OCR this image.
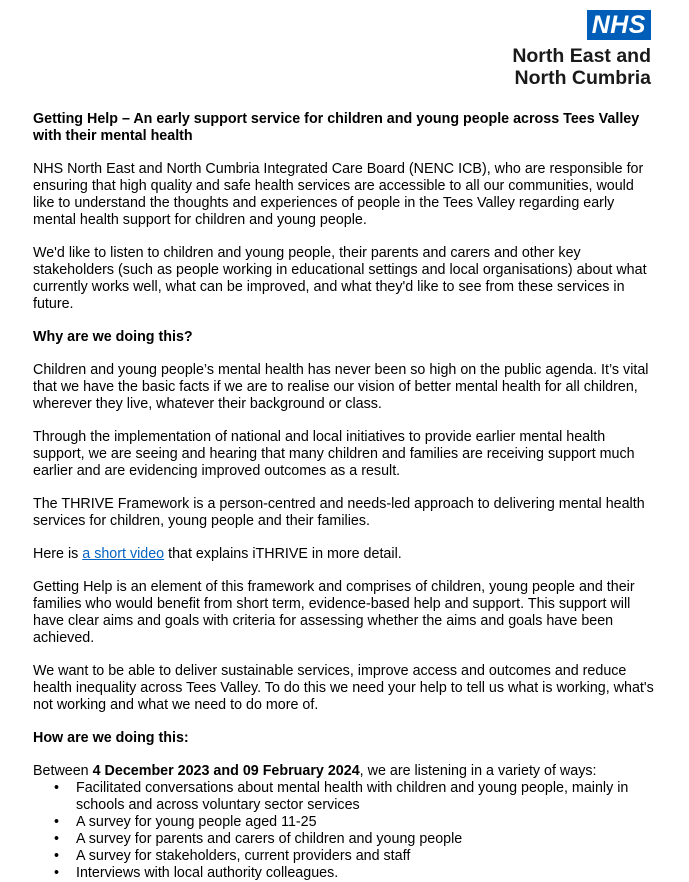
NHS
North East and
North Cumbria

Getting Help – An early support service for children and young people across Tees Valley with their mental health

NHS North East and North Cumbria Integrated Care Board (NENC ICB), who are responsible for ensuring that high quality and safe health services are accessible to all our communities, would like to understand the thoughts and experiences of people in the Tees Valley regarding early mental health support for children and young people.

We'd like to listen to children and young people, their parents and carers and other key stakeholders (such as people working in educational settings and local organisations) about what currently works well, what can be improved, and what they'd like to see from these services in future.

Why are we doing this?

Children and young people’s mental health has never been so high on the public agenda. It’s vital that we have the basic facts if we are to realise our vision of better mental health for all children, wherever they live, whatever their background or class.

Through the implementation of national and local initiatives to provide earlier mental health support, we are seeing and hearing that many children and families are receiving support much earlier and are evidencing improved outcomes as a result.

The THRIVE Framework is a person-centred and needs-led approach to delivering mental health services for children, young people and their families.

Here is a short video that explains iTHRIVE in more detail.

Getting Help is an element of this framework and comprises of children, young people and their families who would benefit from short term, evidence-based help and support. This support will have clear aims and goals with criteria for assessing whether the aims and goals have been achieved.

We want to be able to deliver sustainable services, improve access and outcomes and reduce health inequality across Tees Valley. To do this we need your help to tell us what is working, what's not working and what we need to do more of.

How are we doing this:

Between 4 December 2023 and 09 February 2024, we are listening in a variety of ways:

• Facilitated conversations about mental health with children and young people, mainly in schools and across voluntary sector services
• A survey for young people aged 11-25
• A survey for parents and carers of children and young people
• A survey for stakeholders, current providers and staff
• Interviews with local authority colleagues.
